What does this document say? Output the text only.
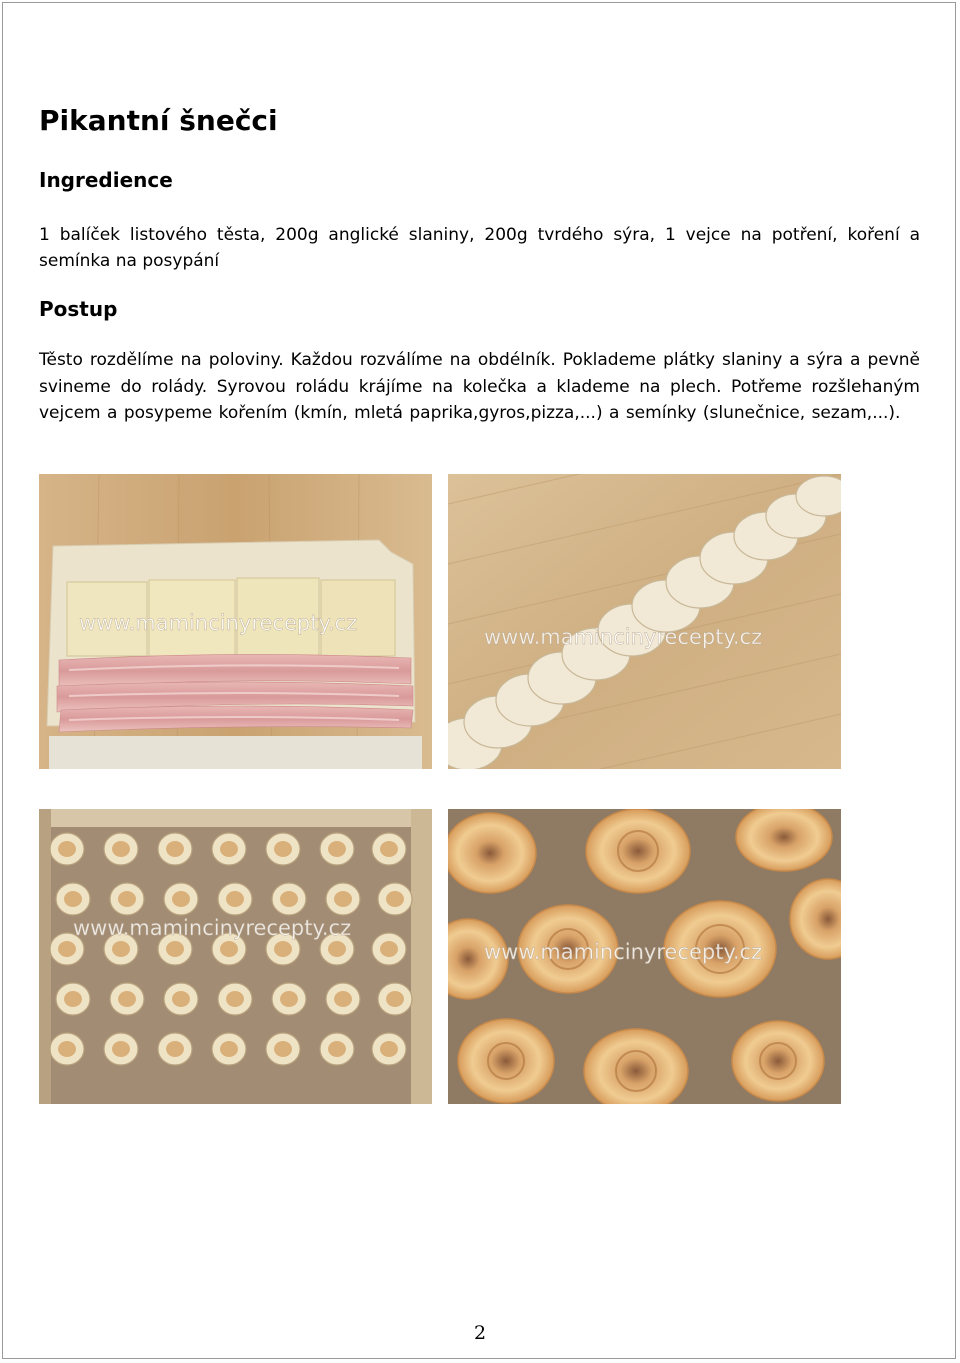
Pikantní šnečci
Ingredience

1 balíček listového těsta, 200g anglické slaniny, 200g tvrdého sýra, 1 vejce na potření, koření a semínka na posypání

Postup

Těsto rozdělíme na poloviny. Každou rozválíme na obdélník. Poklademe plátky slaniny a sýra a pevně svineme do rolády. Syrovou roládu krájíme na kolečka a klademe na plech. Potřeme rozšlehaným vejcem a posypeme kořením (kmín, mletá paprika,gyros,pizza,...) a semínky (slunečnice, sezam,...).

www.mamincinyrecepty.cz
www.mamincinyrecepty.cz
www.mamincinyrecepty.cz
www.mamincinyrecepty.cz

2
